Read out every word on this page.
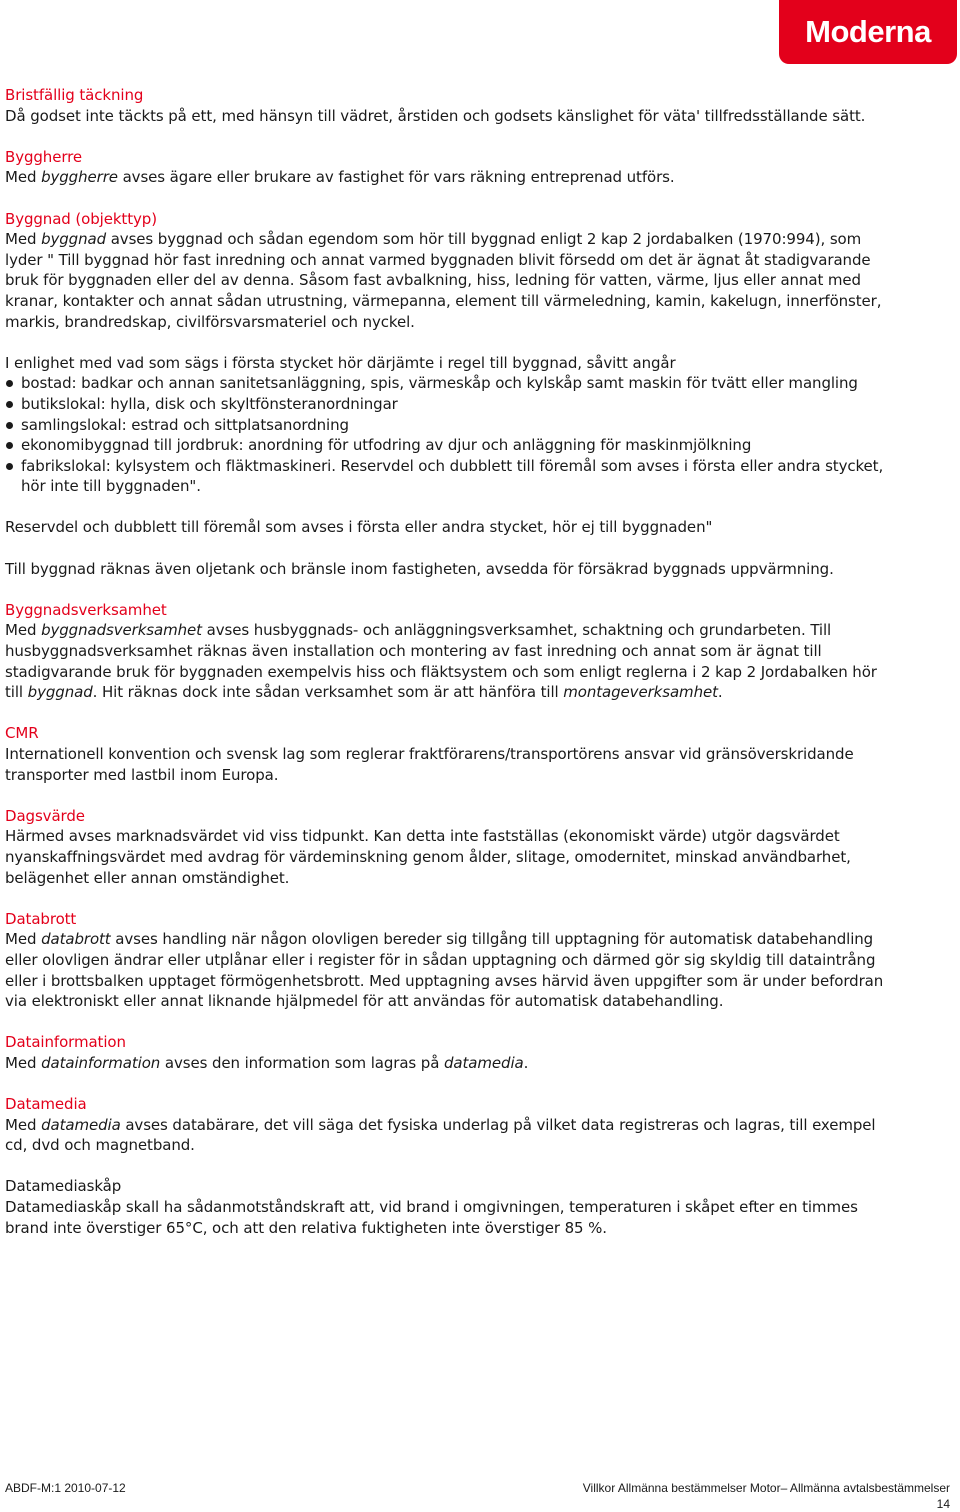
Moderna
Bristfällig täckning

Då godset inte täckts på ett, med hänsyn till vädret, årstiden och godsets känslighet för väta' tillfredsställande sätt.

Byggherre

Med byggherre avses ägare eller brukare av fastighet för vars räkning entreprenad utförs.

Byggnad (objekttyp)

Med byggnad avses byggnad och sådan egendom som hör till byggnad enligt 2 kap 2 jordabalken (1970:994), som lyder " Till byggnad hör fast inredning och annat varmed byggnaden blivit försedd om det är ägnat åt stadigvarande bruk för byggnaden eller del av denna. Såsom fast avbalkning, hiss, ledning för vatten, värme, ljus eller annat med kranar, kontakter och annat sådan utrustning, värmepanna, element till värmeledning, kamin, kakelugn, innerfönster, markis, brandredskap, civilförsvarsmateriel och nyckel.

I enlighet med vad som sägs i första stycket hör därjämte i regel till byggnad, såvitt angår

bostad: badkar och annan sanitetsanläggning, spis, värmeskåp och kylskåp samt maskin för tvätt eller mangling
butikslokal: hylla, disk och skyltfönsteranordningar
samlingslokal: estrad och sittplatsanordning
ekonomibyggnad till jordbruk: anordning för utfodring av djur och anläggning för maskinmjölkning
fabrikslokal: kylsystem och fläktmaskineri. Reservdel och dubblett till föremål som avses i första eller andra stycket, hör inte till byggnaden".

Reservdel och dubblett till föremål som avses i första eller andra stycket, hör ej till byggnaden"

Till byggnad räknas även oljetank och bränsle inom fastigheten, avsedda för försäkrad byggnads uppvärmning.

Byggnadsverksamhet

Med byggnadsverksamhet avses husbyggnads- och anläggningsverksamhet, schaktning och grundarbeten. Till husbyggnadsverksamhet räknas även installation och montering av fast inredning och annat som är ägnat till stadigvarande bruk för byggnaden exempelvis hiss och fläktsystem och som enligt reglerna i 2 kap 2 Jordabalken hör till byggnad. Hit räknas dock inte sådan verksamhet som är att hänföra till montageverksamhet.

CMR

Internationell konvention och svensk lag som reglerar fraktförarens/transportörens ansvar vid gränsöverskridande transporter med lastbil inom Europa.

Dagsvärde

Härmed avses marknadsvärdet vid viss tidpunkt. Kan detta inte fastställas (ekonomiskt värde) utgör dagsvärdet nyanskaffningsvärdet med avdrag för värdeminskning genom ålder, slitage, omodernitet, minskad användbarhet, belägenhet eller annan omständighet.

Databrott

Med databrott avses handling när någon olovligen bereder sig tillgång till upptagning för automatisk databehandling eller olovligen ändrar eller utplånar eller i register för in sådan upptagning och därmed gör sig skyldig till dataintrång eller i brottsbalken upptaget förmögenhetsbrott. Med upptagning avses härvid även uppgifter som är under befordran via elektroniskt eller annat liknande hjälpmedel för att användas för automatisk databehandling.

Datainformation

Med datainformation avses den information som lagras på datamedia.

Datamedia

Med datamedia avses databärare, det vill säga det fysiska underlag på vilket data registreras och lagras, till exempel cd, dvd och magnetband.

Datamediaskåp

Datamediaskåp skall ha sådanmotståndskraft att, vid brand i omgivningen, temperaturen i skåpet efter en timmes brand inte överstiger 65°C, och att den relativa fuktigheten inte överstiger 85 %.

ABDF-M:1 2010-07-12	Villkor Allmänna bestämmelser Motor– Allmänna avtalsbestämmelser
14
